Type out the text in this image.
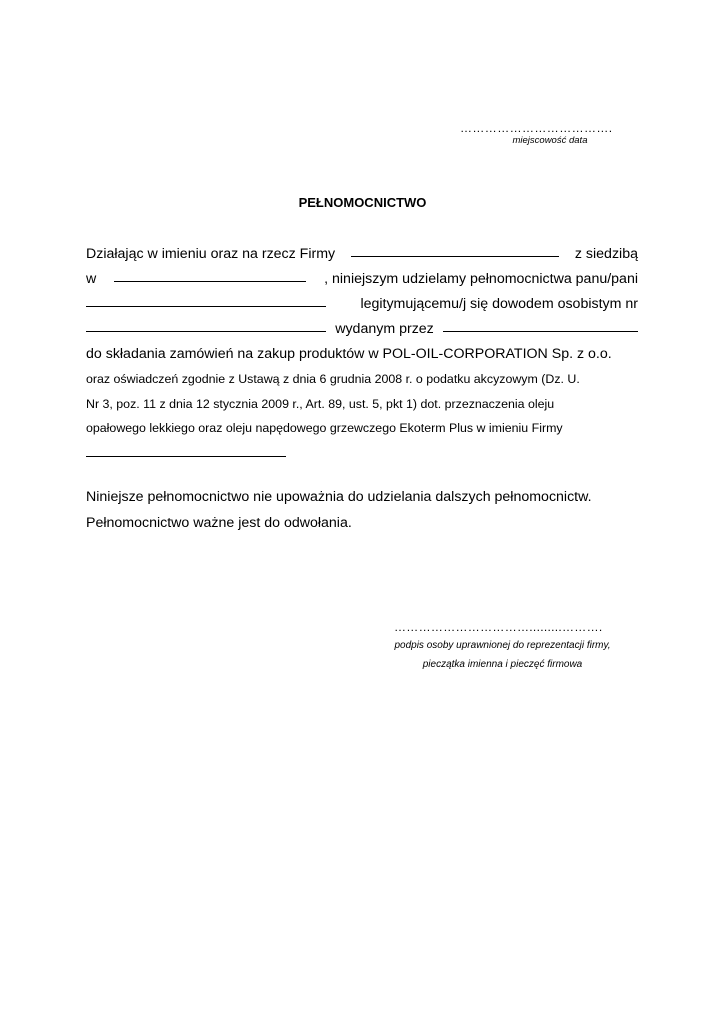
……………………………….
miejscowość data
PEŁNOMOCNICTWO
Działając w imieniu oraz na rzecz Firmy	z siedzibą
w	, niniejszym udzielamy pełnomocnictwa panu/pani
legitymującemu/j się dowodem osobistym nr
wydanym przez
do składania zamówień na zakup produktów w POL-OIL-CORPORATION Sp. z o.o.
oraz oświadczeń zgodnie z Ustawą z dnia 6 grudnia 2008 r. o podatku akcyzowym (Dz. U.
Nr 3, poz. 11 z dnia 12 stycznia 2009 r., Art. 89, ust. 5, pkt 1) dot. przeznaczenia oleju
opałowego lekkiego oraz oleju napędowego grzewczego Ekoterm Plus w imieniu Firmy
Niniejsze pełnomocnictwo nie upoważnia do udzielania dalszych pełnomocnictw.
Pełnomocnictwo ważne jest do odwołania.
…………………………….........……….
podpis osoby uprawnionej do reprezentacji firmy,
pieczątka imienna i pieczęć firmowa
